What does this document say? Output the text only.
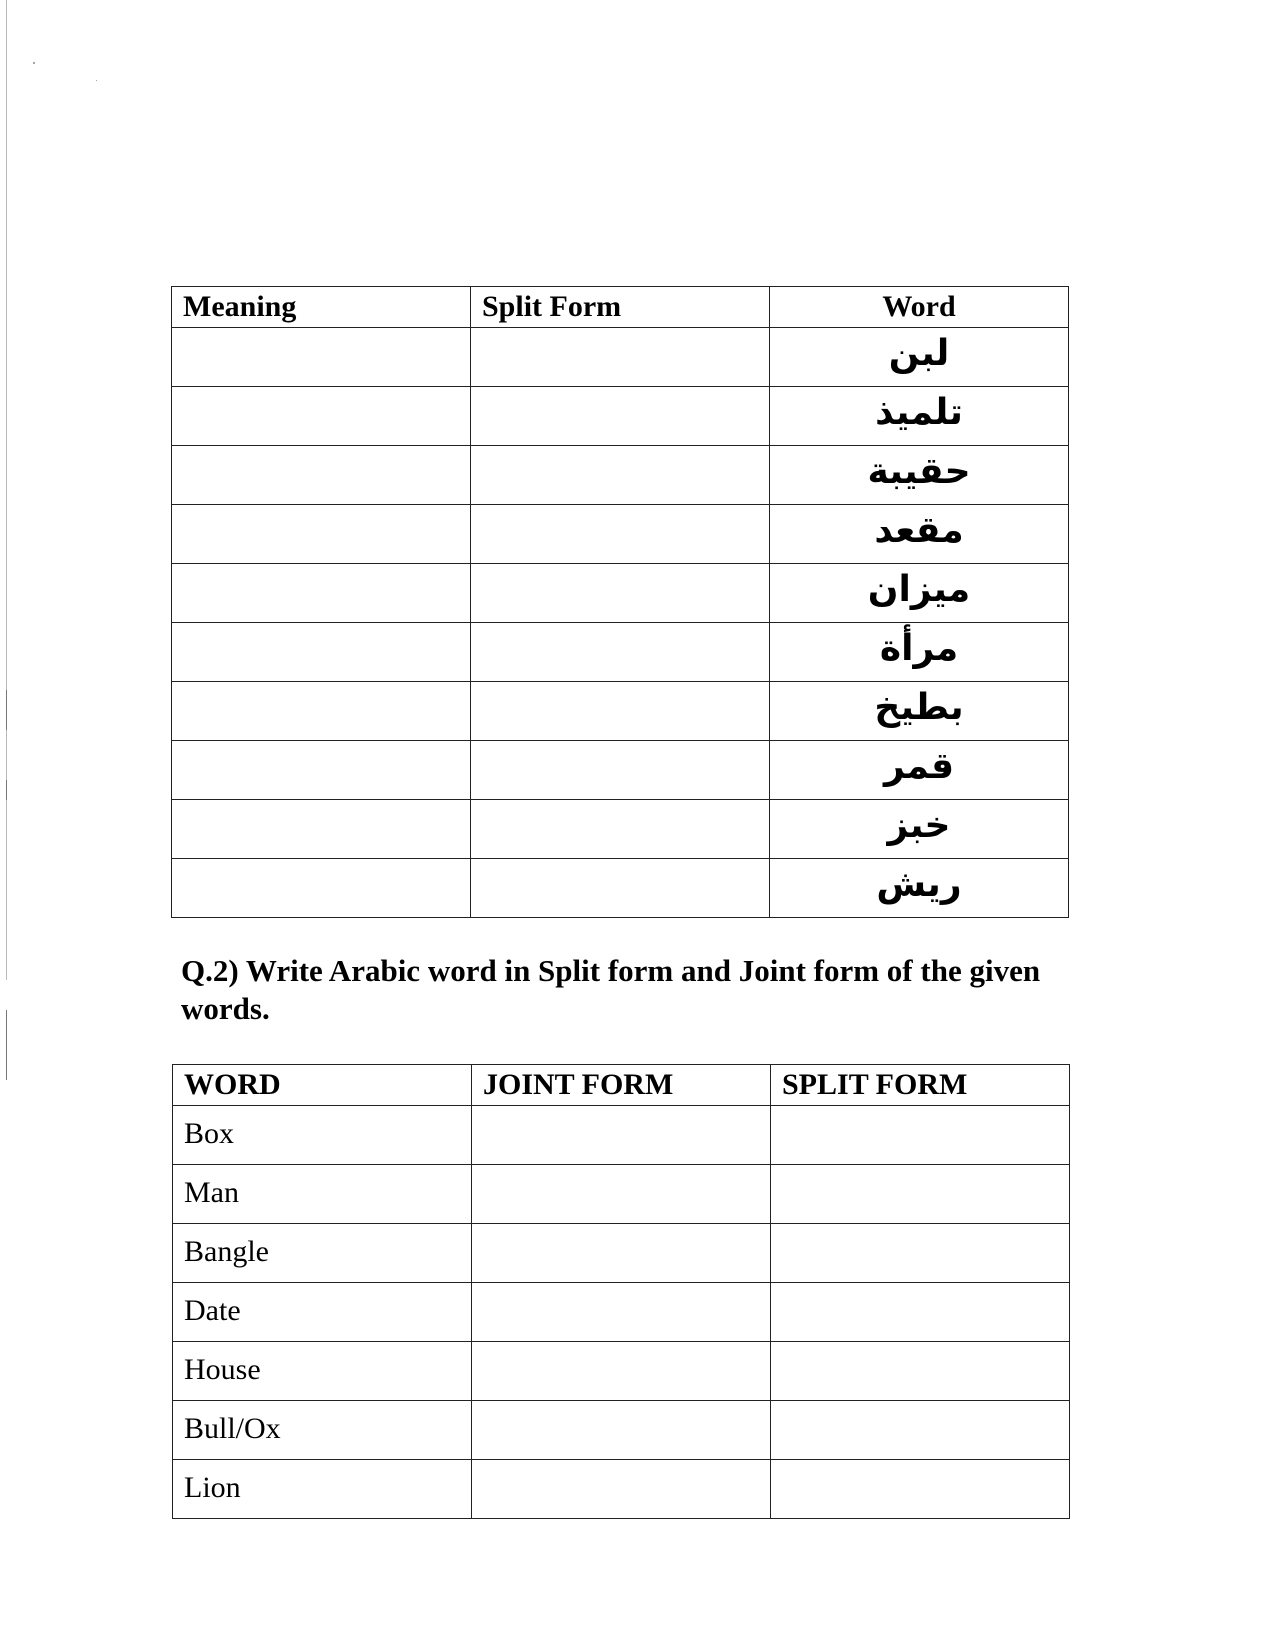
Meaning	Split Form	Word
		لبن
		تلميذ
		حقيبة
		مقعد
		ميزان
		مرأة
		بطيخ
		قمر
		خبز
		ريش

Q.2) Write Arabic word in Split form and Joint form of the given words.

WORD	JOINT FORM	SPLIT FORM
Box		
Man		
Bangle		
Date		
House		
Bull/Ox		
Lion		
